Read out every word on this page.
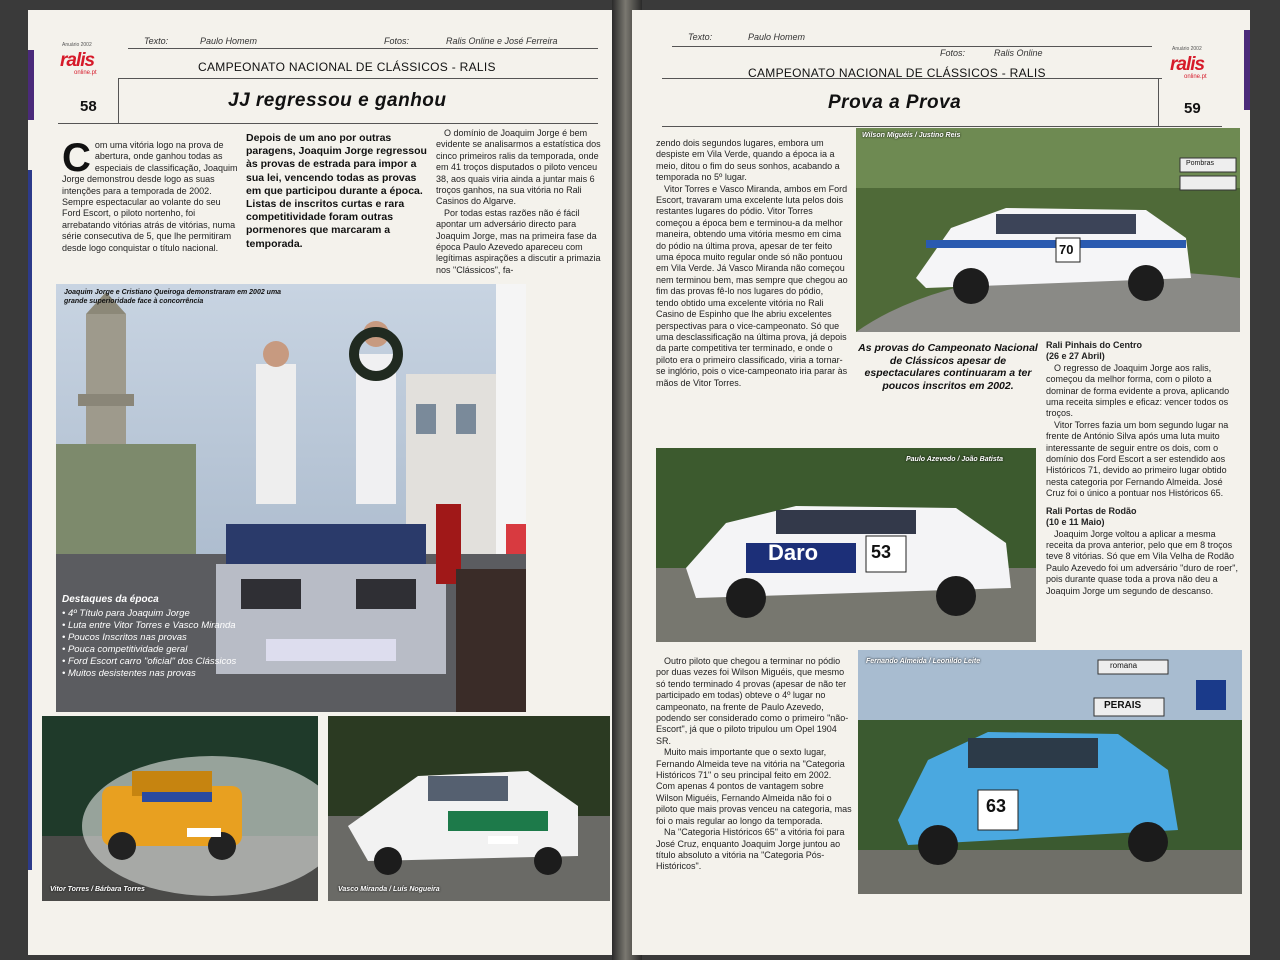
Anuário 2002
ralis
online.pt
Texto:	Paulo Homem	Fotos:	Ralis Online e José Ferreira
CAMPEONATO NACIONAL DE CLÁSSICOS - RALIS
58	JJ regressou e ganhou
C om uma vitória logo na prova de abertura, onde ganhou todas as especiais de classificação, Joaquim Jorge demonstrou desde logo as suas intenções para a temporada de 2002. Sempre espectacular ao volante do seu Ford Escort, o piloto nortenho, foi arrebatando vitórias atrás de vitórias, numa série consecutiva de 5, que lhe permitiram desde logo conquistar o título nacional.
Depois de um ano por outras paragens, Joaquim Jorge regressou às provas de estrada para impor a sua lei, vencendo todas as provas em que participou durante a época. Listas de inscritos curtas e rara competitividade foram outras pormenores que marcaram a temporada.

O domínio de Joaquim Jorge é bem evidente se analisarmos a estatística dos cinco primeiros ralis da temporada, onde em 41 troços disputados o piloto venceu 38, aos quais viria ainda a juntar mais 6 troços ganhos, na sua vitória no Rali Casinos do Algarve.

Por todas estas razões não é fácil apontar um adversário directo para Joaquim Jorge, mas na primeira fase da época Paulo Azevedo apareceu com legítimas aspirações a discutir a primazia nos "Clássicos", fa-

Joaquim Jorge e Cristiano Queiroga demonstraram em 2002 uma grande superioridade face à concorrência
Destaques da época
• 4º Título para Joaquim Jorge
• Luta entre Vitor Torres e Vasco Miranda
• Poucos Inscritos nas provas
• Pouca competitividade geral
• Ford Escort carro "oficial" dos Clássicos
• Muitos desistentes nas provas
Vitor Torres / Bárbara Torres	Vasco Miranda / Luís Nogueira
Texto:	Paulo Homem
Fotos:	Ralis Online
CAMPEONATO NACIONAL DE CLÁSSICOS - RALIS
Prova a Prova	59
Anuário 2002
ralis
online.pt

zendo dois segundos lugares, embora um despiste em Vila Verde, quando a época ia a meio, ditou o fim do seus sonhos, acabando a temporada no 5º lugar.

Vitor Torres e Vasco Miranda, ambos em Ford Escort, travaram uma excelente luta pelos dois restantes lugares do pódio. Vitor Torres começou a época bem e terminou-a da melhor maneira, obtendo uma vitória mesmo em cima do pódio na última prova, apesar de ter feito uma época muito regular onde só não pontuou em Vila Verde. Já Vasco Miranda não começou nem terminou bem, mas sempre que chegou ao fim das provas fê-lo nos lugares do pódio, tendo obtido uma excelente vitória no Rali Casino de Espinho que lhe abriu excelentes perspectivas para o vice-campeonato. Só que uma desclassificação na última prova, já depois da parte competitiva ter terminado, e onde o piloto era o primeiro classificado, viria a tornar-se inglório, pois o vice-campeonato iria parar às mãos de Vitor Torres.

Wilson Miguéis / Justino Reis
Pombras
70
As provas do Campeonato Nacional de Clássicos apesar de espectaculares continuaram a ter poucos inscritos em 2002.

Rali Pinhais do Centro

(26 e 27 Abril)

O regresso de Joaquim Jorge aos ralis, começou da melhor forma, com o piloto a dominar de forma evidente a prova, aplicando uma receita simples e eficaz: vencer todos os troços.

Vitor Torres fazia um bom segundo lugar na frente de António Silva após uma luta muito interessante de seguir entre os dois, com o domínio dos Ford Escort a ser estendido aos Históricos 71, devido ao primeiro lugar obtido nesta categoria por Fernando Almeida. José Cruz foi o único a pontuar nos Históricos 65.

Rali Portas de Rodão

(10 e 11 Maio)

Joaquim Jorge voltou a aplicar a mesma receita da prova anterior, pelo que em 8 troços teve 8 vitórias. Só que em Vila Velha de Rodão Paulo Azevedo foi um adversário "duro de roer", pois durante quase toda a prova não deu a Joaquim Jorge um segundo de descanso.

Paulo Azevedo / João Batista
Daro	53

Outro piloto que chegou a terminar no pódio por duas vezes foi Wilson Miguéis, que mesmo só tendo terminado 4 provas (apesar de não ter participado em todas) obteve o 4º lugar no campeonato, na frente de Paulo Azevedo, podendo ser considerado como o primeiro "não-Escort", já que o piloto tripulou um Opel 1904 SR.

Muito mais importante que o sexto lugar, Fernando Almeida teve na vitória na "Categoria Históricos 71" o seu principal feito em 2002. Com apenas 4 pontos de vantagem sobre Wilson Miguéis, Fernando Almeida não foi o piloto que mais provas venceu na categoria, mas foi o mais regular ao longo da temporada.

Na "Categoria Históricos 65" a vitória foi para José Cruz, enquanto Joaquim Jorge juntou ao título absoluto a vitória na "Categoria Pós-Históricos".

Fernando Almeida / Leonildo Leite	romana
PERAIS
63
